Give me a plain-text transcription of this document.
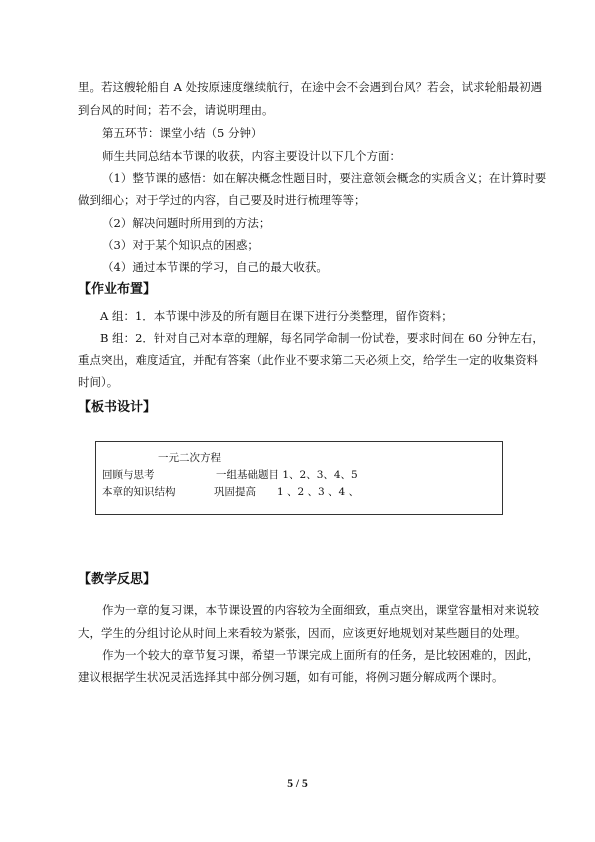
里。若这艘轮船自 A 处按原速度继续航行，在途中会不会遇到台风？若会，试求轮船最初遇
到台风的时间；若不会，请说明理由。
第五环节：课堂小结（5 分钟）
师生共同总结本节课的收获，内容主要设计以下几个方面：
（1）整节课的感悟：如在解决概念性题目时，要注意领会概念的实质含义；在计算时要
做到细心；对于学过的内容，自己要及时进行梳理等等；
（2）解决问题时所用到的方法；
（3）对于某个知识点的困惑；
（4）通过本节课的学习，自己的最大收获。
【作业布置】
A 组：1．本节课中涉及的所有题目在课下进行分类整理，留作资料；
B 组：2．针对自己对本章的理解，每名同学命制一份试卷，要求时间在 60 分钟左右，
重点突出，难度适宜，并配有答案（此作业不要求第二天必须上交，给学生一定的收集资料
时间）。
【板书设计】
一元二次方程
回顾与思考	一组基础题目 1、2、3、4、5
本章的知识结构	巩固提高　　1 、2 、3 、4 、
【教学反思】
作为一章的复习课，本节课设置的内容较为全面细致，重点突出，课堂容量相对来说较
大，学生的分组讨论从时间上来看较为紧张，因而，应该更好地规划对某些题目的处理。
作为一个较大的章节复习课，希望一节课完成上面所有的任务，是比较困难的，因此，
建议根据学生状况灵活选择其中部分例习题，如有可能，将例习题分解成两个课时。
5 / 5
